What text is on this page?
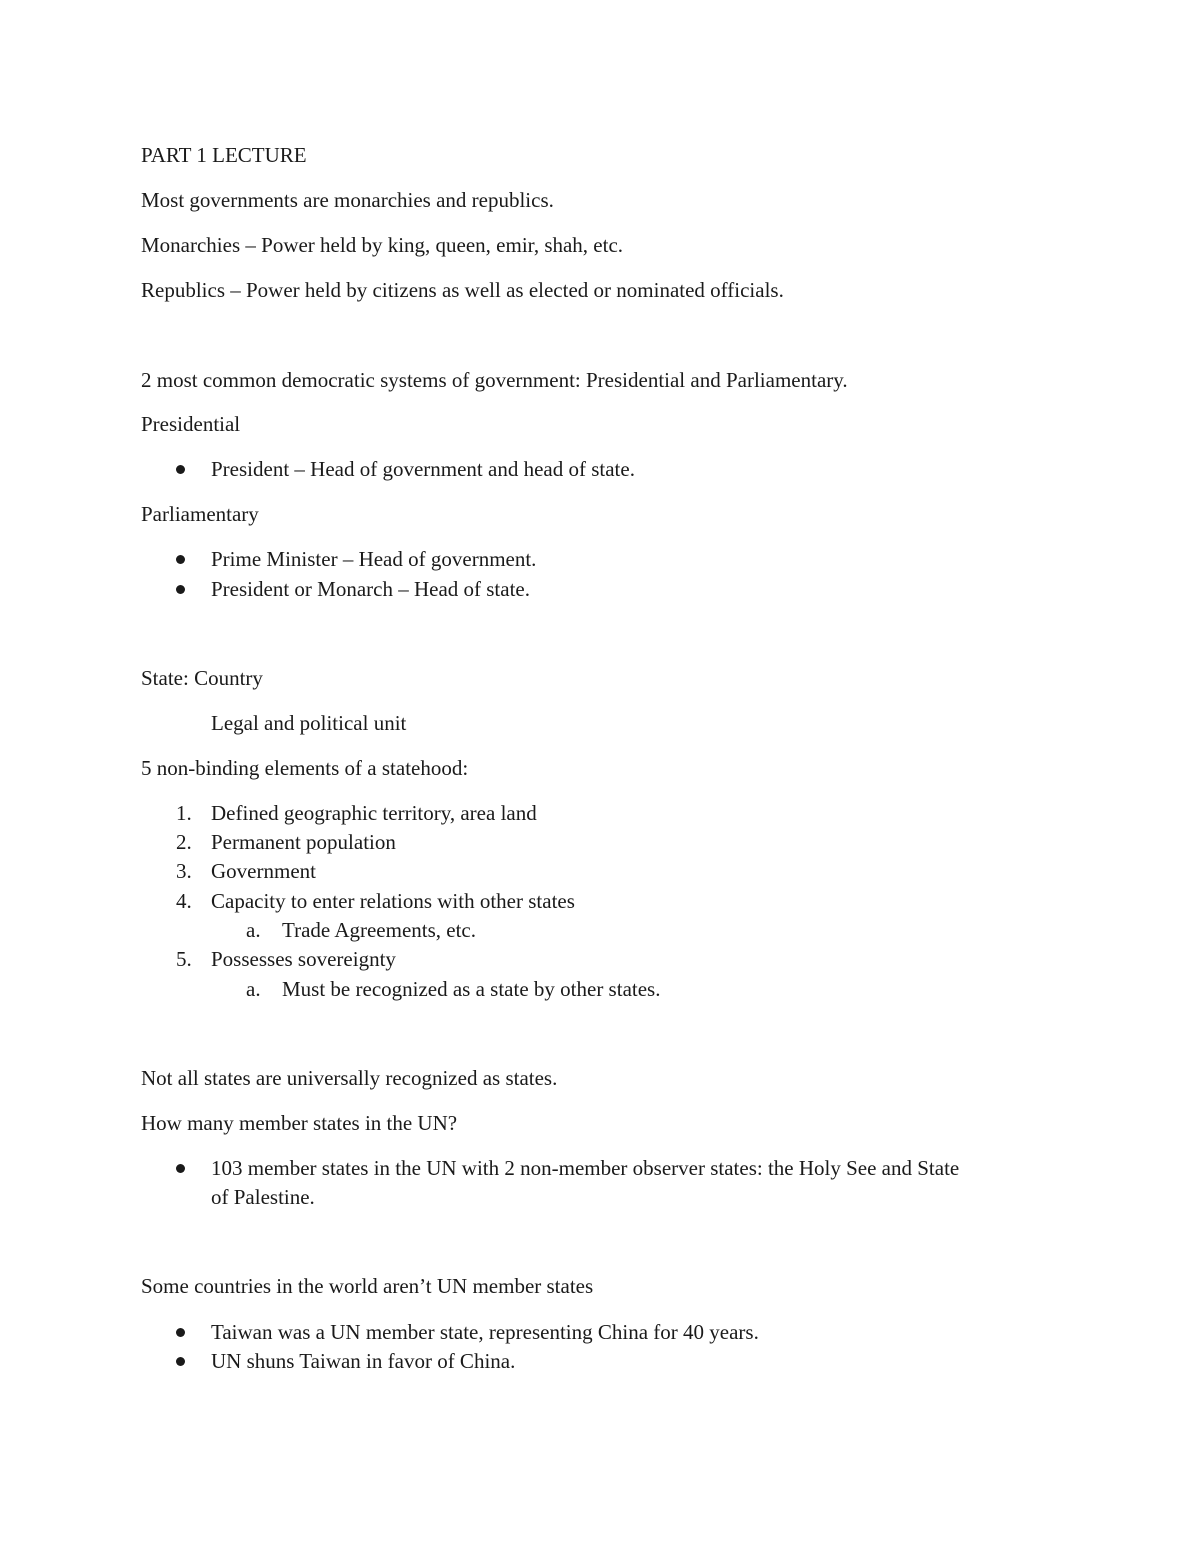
PART 1 LECTURE
Most governments are monarchies and republics.
Monarchies – Power held by king, queen, emir, shah, etc.
Republics – Power held by citizens as well as elected or nominated officials.
2 most common democratic systems of government: Presidential and Parliamentary.
Presidential
President – Head of government and head of state.
Parliamentary
Prime Minister – Head of government.
President or Monarch – Head of state.
State: Country
Legal and political unit
5 non-binding elements of a statehood:
1. Defined geographic territory, area land
2. Permanent population
3. Government
4. Capacity to enter relations with other states
a. Trade Agreements, etc.
5. Possesses sovereignty
a. Must be recognized as a state by other states.
Not all states are universally recognized as states.
How many member states in the UN?
103 member states in the UN with 2 non-member observer states: the Holy See and State
of Palestine.
Some countries in the world aren’t UN member states
Taiwan was a UN member state, representing China for 40 years.
UN shuns Taiwan in favor of China.
